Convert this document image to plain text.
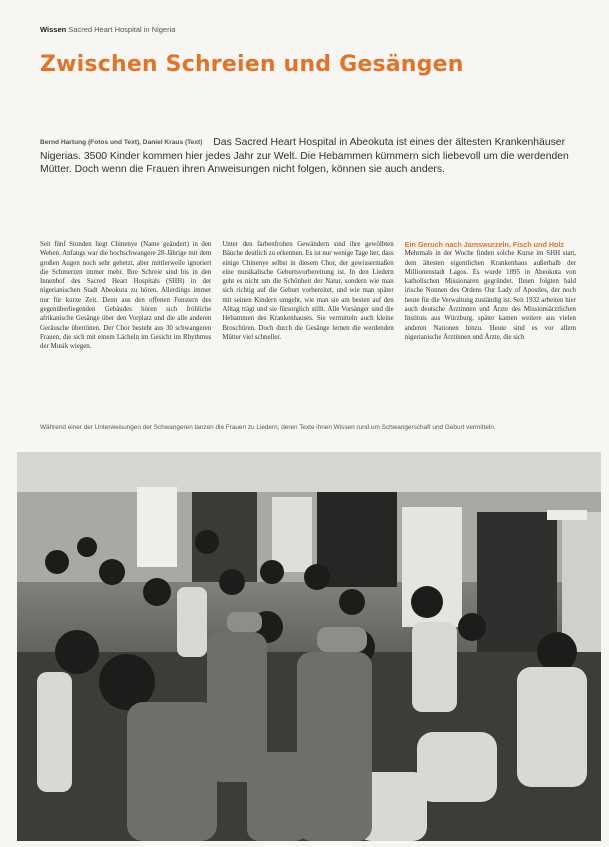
Wissen Sacred Heart Hospital in Nigeria
Zwischen Schreien und Gesängen
Bernd Hartung (Fotos und Text), Daniel Kraus (Text) Das Sacred Heart Hospital in Abeokuta ist eines der ältesten Krankenhäuser Nigerias. 3500 Kinder kommen hier jedes Jahr zur Welt. Die Hebammen kümmern sich liebevoll um die werdenden Mütter. Doch wenn die Frauen ihren Anweisungen nicht folgen, können sie auch anders.
Seit fünf Stunden liegt Chinenye (Name geändert) in den Wehen. Anfangs war die hochschwangere 28-Jährige mit dem großen Augen noch sehr gehetzt, aber mittlerweile ignoriert die Schmerzen immer mehr. Ihre Schreie sind bis in den Innenhof des Sacred Heart Hospitals (SHH) in der nigerianischen Stadt Abeokuta zu hören. Allerdings immer nur für kurze Zeit. Denn aus den offenen Fenstern des gegenüberliegenden Gebäudes hören sich fröhliche afrikanische Gesänge über den Vorplatz und die alle anderen Geräusche übertönen. Der Chor besteht aus 30 schwangeren Frauen, die sich mit einem Lächeln im Gesicht im Rhythmus der Musik wiegen.
Unter den farbenfrohen Gewändern sind ihre gewölbten Bäuche deutlich zu erkennen. Es ist nur wenige Tage her, dass einige Chinenye selbst in diesem Chor, der gewissermaßen eine musikalische Geburtsvorbereitung ist. In den Liedern geht es nicht um die Schönheit der Natur, sondern wie man sich richtig auf die Geburt vorbereitet, und wie man später mit seinen Kindern umgeht, wie man sie am besten auf den Alltag trägt und sie fürsorglich stillt. Alle Vorsänger sind die Hebammen des Krankenhauses. Sie vermitteln auch kleine Broschüren. Doch durch die Gesänge lernen die werdenden Mütter viel schneller.
Ein Geruch nach Jamswurzeln, Fisch und Holz
Mehrmals in der Woche finden solche Kurse im SHH statt, dem ältesten eigentlichen Krankenhaus außerhalb der Millionenstadt Lagos. Es wurde 1895 in Abeokuta von katholischen Missionaren gegründet. Ihnen folgten bald irische Nonnen des Ordens Our Lady of Apostles, der noch heute für die Verwaltung zuständig ist. Seit 1932 arbeiten hier auch deutsche Ärztinnen und Ärzte des Missionsärztlichen Instituts aus Würzburg, später kamen weitere aus vielen anderen Nationen hinzu. Heute sind es vor allem nigerianische Ärztinnen und Ärzte, die sich
Während einer der Unterweisungen der Schwangeren tanzen die Frauen zu Liedern, deren Texte ihnen Wissen rund um Schwangerschaft und Geburt vermitteln.
